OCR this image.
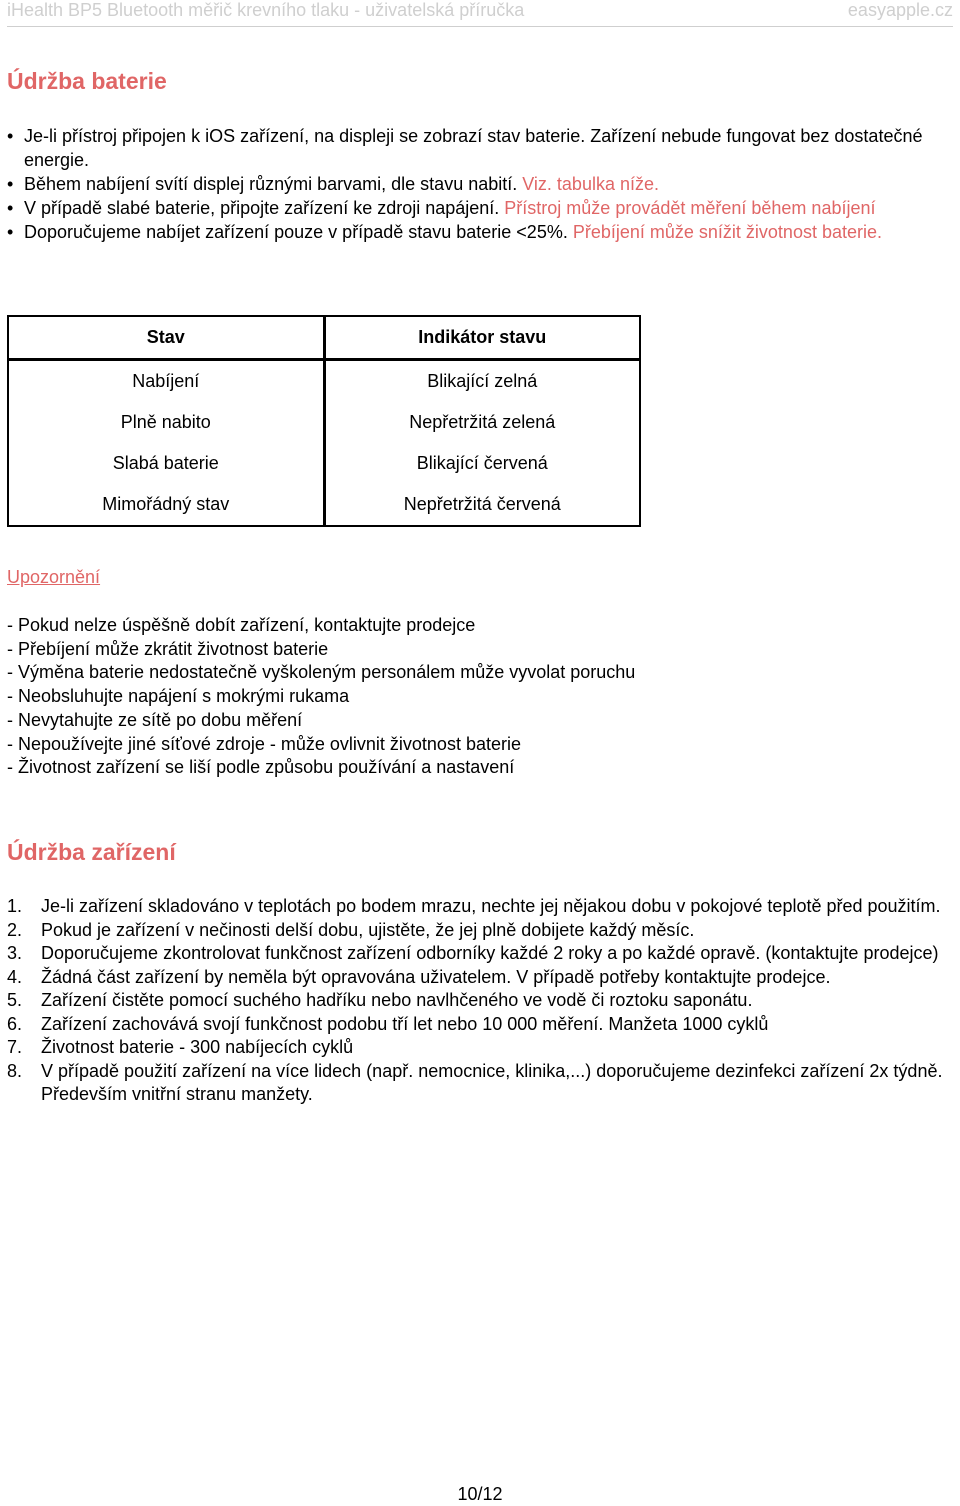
iHealth BP5 Bluetooth měřič krevního tlaku - uživatelská příručka	easyapple.cz
Údržba baterie
• Je-li přístroj připojen k iOS zařízení, na displeji se zobrazí stav baterie. Zařízení nebude fungovat bez dostatečné energie.
• Během nabíjení svítí displej různými barvami, dle stavu nabití. Viz. tabulka níže.
• V případě slabé baterie, připojte zařízení ke zdroji napájení. Přístroj může provádět měření během nabíjení
• Doporučujeme nabíjet zařízení pouze v případě stavu baterie <25%. Přebíjení může snížit životnost baterie.
Stav	Indikátor stavu
Nabíjení	Blikající zelná
Plně nabito	Nepřetržitá zelená
Slabá baterie	Blikající červená
Mimořádný stav	Nepřetržitá červená
Upozornění
- Pokud nelze úspěšně dobít zařízení, kontaktujte prodejce
- Přebíjení může zkrátit životnost baterie
- Výměna baterie nedostatečně vyškoleným personálem může vyvolat poruchu
- Neobsluhujte napájení s mokrými rukama
- Nevytahujte ze sítě po dobu měření
- Nepoužívejte jiné síťové zdroje - může ovlivnit životnost baterie
- Životnost zařízení se liší podle způsobu používání a nastavení
Údržba zařízení
1. Je-li zařízení skladováno v teplotách po bodem mrazu, nechte jej nějakou dobu v pokojové teplotě před použitím.
2. Pokud je zařízení v nečinosti delší dobu, ujistěte, že jej plně dobijete každý měsíc.
3. Doporučujeme zkontrolovat funkčnost zařízení odborníky každé 2 roky a po každé opravě. (kontaktujte prodejce)
4. Žádná část zařízení by neměla být opravována uživatelem. V případě potřeby kontaktujte prodejce.
5. Zařízení čistěte pomocí suchého hadříku nebo navlhčeného ve vodě či roztoku saponátu.
6. Zařízení zachovává svojí funkčnost podobu tří let nebo 10 000 měření. Manžeta 1000 cyklů
7. Životnost baterie - 300 nabíjecích cyklů
8. V případě použití zařízení na více lidech (např. nemocnice, klinika,...) doporučujeme dezinfekci zařízení 2x týdně. Především vnitřní stranu manžety.
10/12
